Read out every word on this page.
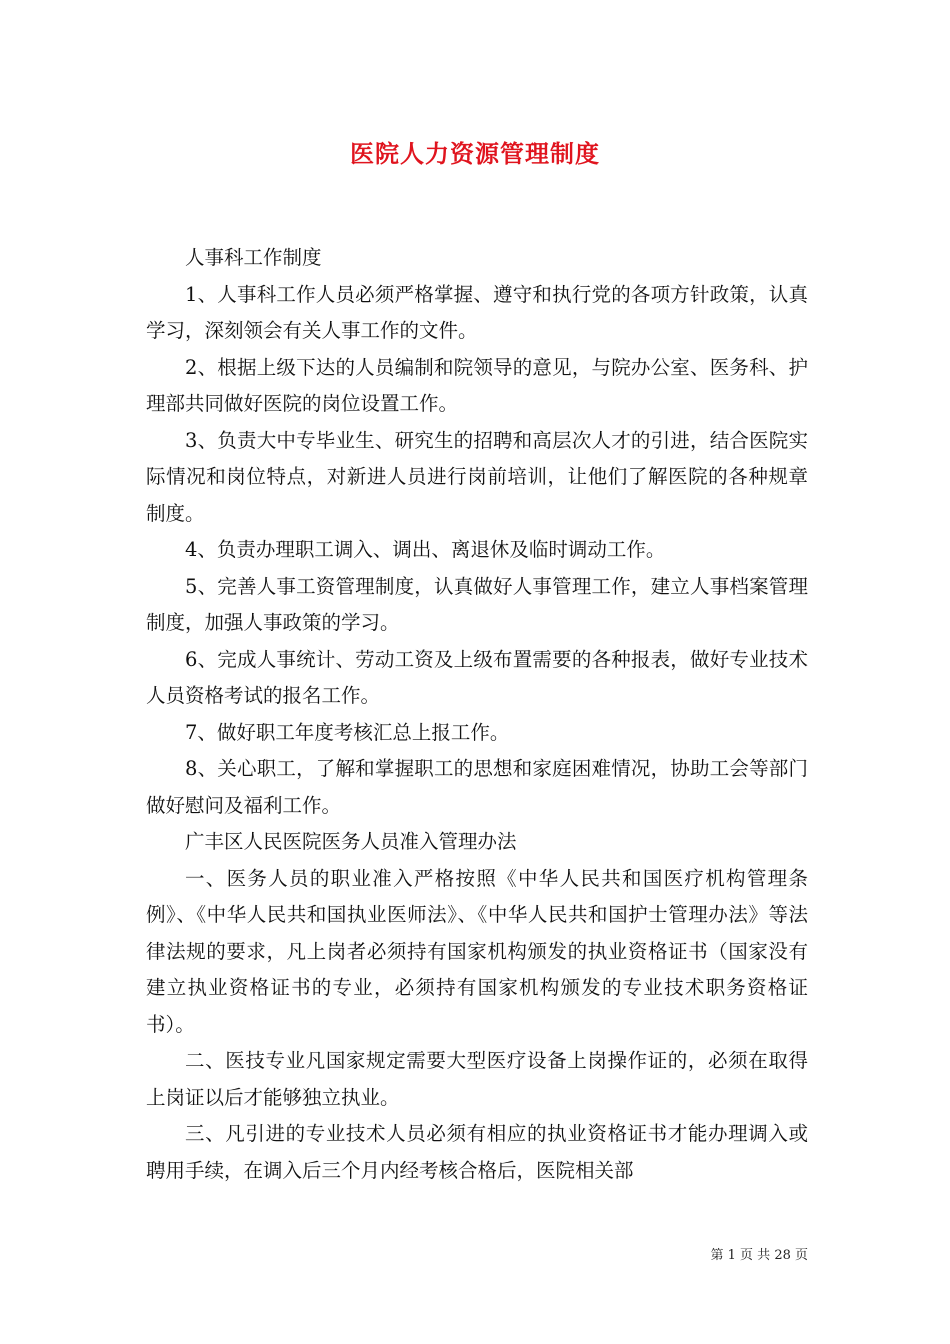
医院人力资源管理制度

人事科工作制度

1、人事科工作人员必须严格掌握、遵守和执行党的各项方针政策，认真学习，深刻领会有关人事工作的文件。

2、根据上级下达的人员编制和院领导的意见，与院办公室、医务科、护理部共同做好医院的岗位设置工作。

3、负责大中专毕业生、研究生的招聘和高层次人才的引进，结合医院实际情况和岗位特点，对新进人员进行岗前培训，让他们了解医院的各种规章制度。

4、负责办理职工调入、调出、离退休及临时调动工作。

5、完善人事工资管理制度，认真做好人事管理工作，建立人事档案管理制度，加强人事政策的学习。

6、完成人事统计、劳动工资及上级布置需要的各种报表，做好专业技术人员资格考试的报名工作。

7、做好职工年度考核汇总上报工作。

8、关心职工，了解和掌握职工的思想和家庭困难情况，协助工会等部门做好慰问及福利工作。

广丰区人民医院医务人员准入管理办法

一、医务人员的职业准入严格按照《中华人民共和国医疗机构管理条例》、《中华人民共和国执业医师法》、《中华人民共和国护士管理办法》等法律法规的要求，凡上岗者必须持有国家机构颁发的执业资格证书（国家没有建立执业资格证书的专业，必须持有国家机构颁发的专业技术职务资格证书）。

二、医技专业凡国家规定需要大型医疗设备上岗操作证的，必须在取得上岗证以后才能够独立执业。

三、凡引进的专业技术人员必须有相应的执业资格证书才能办理调入或聘用手续，在调入后三个月内经考核合格后，医院相关部

第 1 页 共 28 页
